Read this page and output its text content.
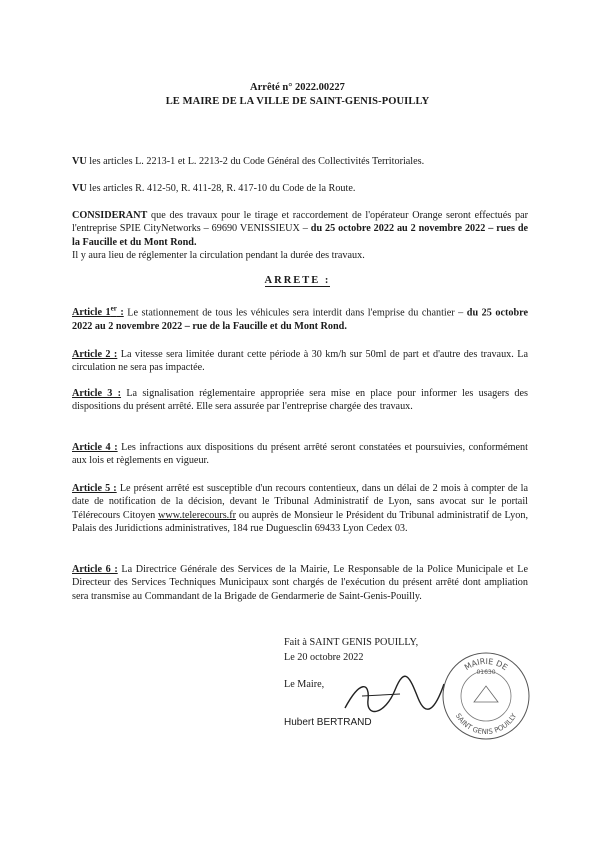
Arrêté n° 2022.00227
LE MAIRE DE LA VILLE DE SAINT-GENIS-POUILLY
VU les articles L. 2213-1 et L. 2213-2 du Code Général des Collectivités Territoriales.
VU les articles R. 412-50, R. 411-28, R. 417-10 du Code de la Route.
CONSIDERANT que des travaux pour le tirage et raccordement de l'opérateur Orange seront effectués par l'entreprise SPIE CityNetworks – 69690 VENISSIEUX – du 25 octobre 2022 au 2 novembre 2022 – rues de la Faucille et du Mont Rond.
Il y aura lieu de réglementer la circulation pendant la durée des travaux.
ARRETE :
Article 1er : Le stationnement de tous les véhicules sera interdit dans l'emprise du chantier – du 25 octobre 2022 au 2 novembre 2022 – rue de la Faucille et du Mont Rond.
Article 2 : La vitesse sera limitée durant cette période à 30 km/h sur 50ml de part et d'autre des travaux. La circulation ne sera pas impactée.
Article 3 : La signalisation réglementaire appropriée sera mise en place pour informer les usagers des dispositions du présent arrêté. Elle sera assurée par l'entreprise chargée des travaux.
Article 4 : Les infractions aux dispositions du présent arrêté seront constatées et poursuivies, conformément aux lois et règlements en vigueur.
Article 5 : Le présent arrêté est susceptible d'un recours contentieux, dans un délai de 2 mois à compter de la date de notification de la décision, devant le Tribunal Administratif de Lyon, sans avocat sur le portail Télérecours Citoyen www.telerecours.fr ou auprès de Monsieur le Président du Tribunal administratif de Lyon, Palais des Juridictions administratives, 184 rue Duguesclin 69433 Lyon Cedex 03.
Article 6 : La Directrice Générale des Services de la Mairie, Le Responsable de la Police Municipale et Le Directeur des Services Techniques Municipaux sont chargés de l'exécution du présent arrêté dont ampliation sera transmise au Commandant de la Brigade de Gendarmerie de Saint-Genis-Pouilly.
Fait à SAINT GENIS POUILLY,
Le 20 octobre 2022
Le Maire,
Hubert BERTRAND
MAIRIE DE
SAINT GENIS POUILLY
01630
